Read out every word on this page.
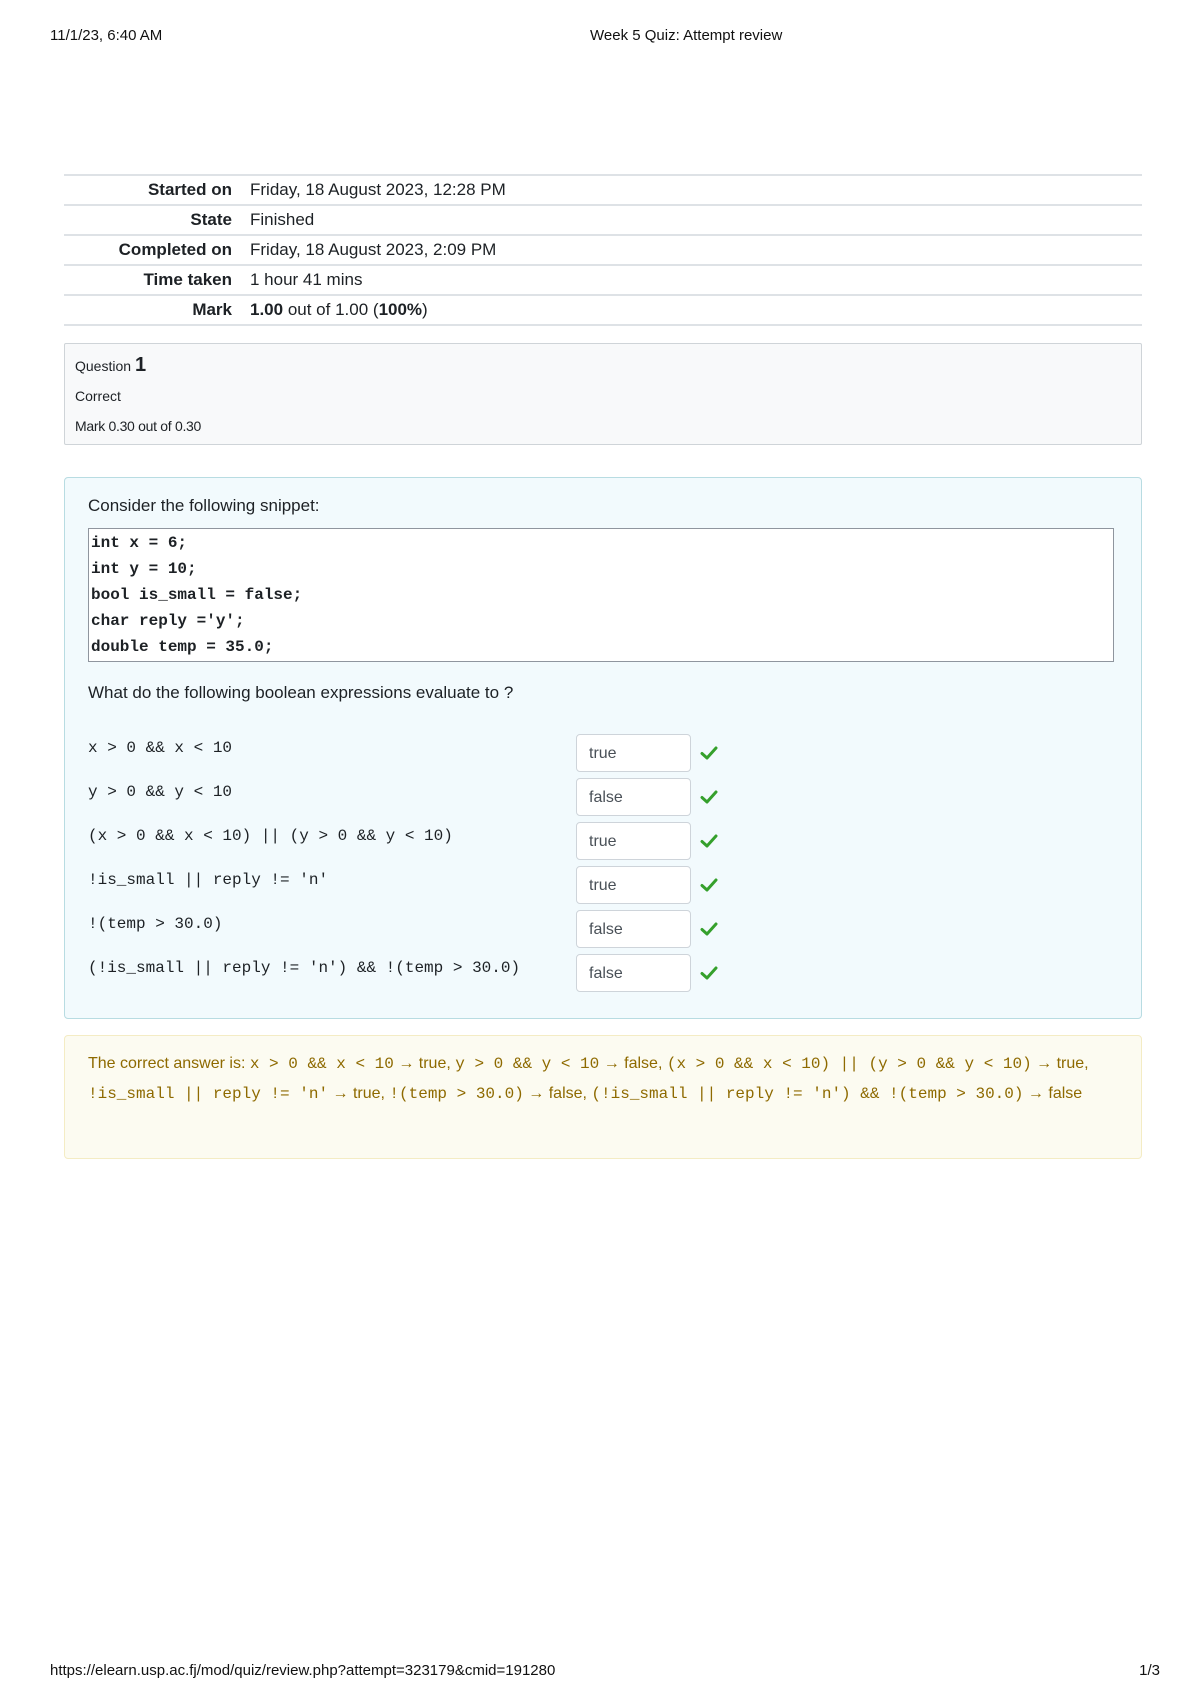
11/1/23, 6:40 AM	Week 5 Quiz: Attempt review
Started on	Friday, 18 August 2023, 12:28 PM
State	Finished
Completed on	Friday, 18 August 2023, 2:09 PM
Time taken	1 hour 41 mins
Mark	1.00 out of 1.00 (100%)
Question 1
Correct
Mark 0.30 out of 0.30
Consider the following snippet:
int x = 6;
int y = 10;
bool is_small = false;
char reply ='y';
double temp = 35.0;
What do the following boolean expressions evaluate to ?
x > 0 && x < 10	true
y > 0 && y < 10	false
(x > 0 && x < 10) || (y > 0 && y < 10)	true
!is_small || reply != 'n'	true
!(temp > 30.0)	false
(!is_small || reply != 'n') && !(temp > 30.0)	false
The correct answer is: x > 0 && x < 10 → true, y > 0 && y < 10 → false, (x > 0 && x < 10) || (y > 0 && y < 10) → true, !is_small || reply != 'n' → true, !(temp > 30.0) → false, (!is_small || reply != 'n') && !(temp > 30.0) → false
https://elearn.usp.ac.fj/mod/quiz/review.php?attempt=323179&cmid=191280	1/3
